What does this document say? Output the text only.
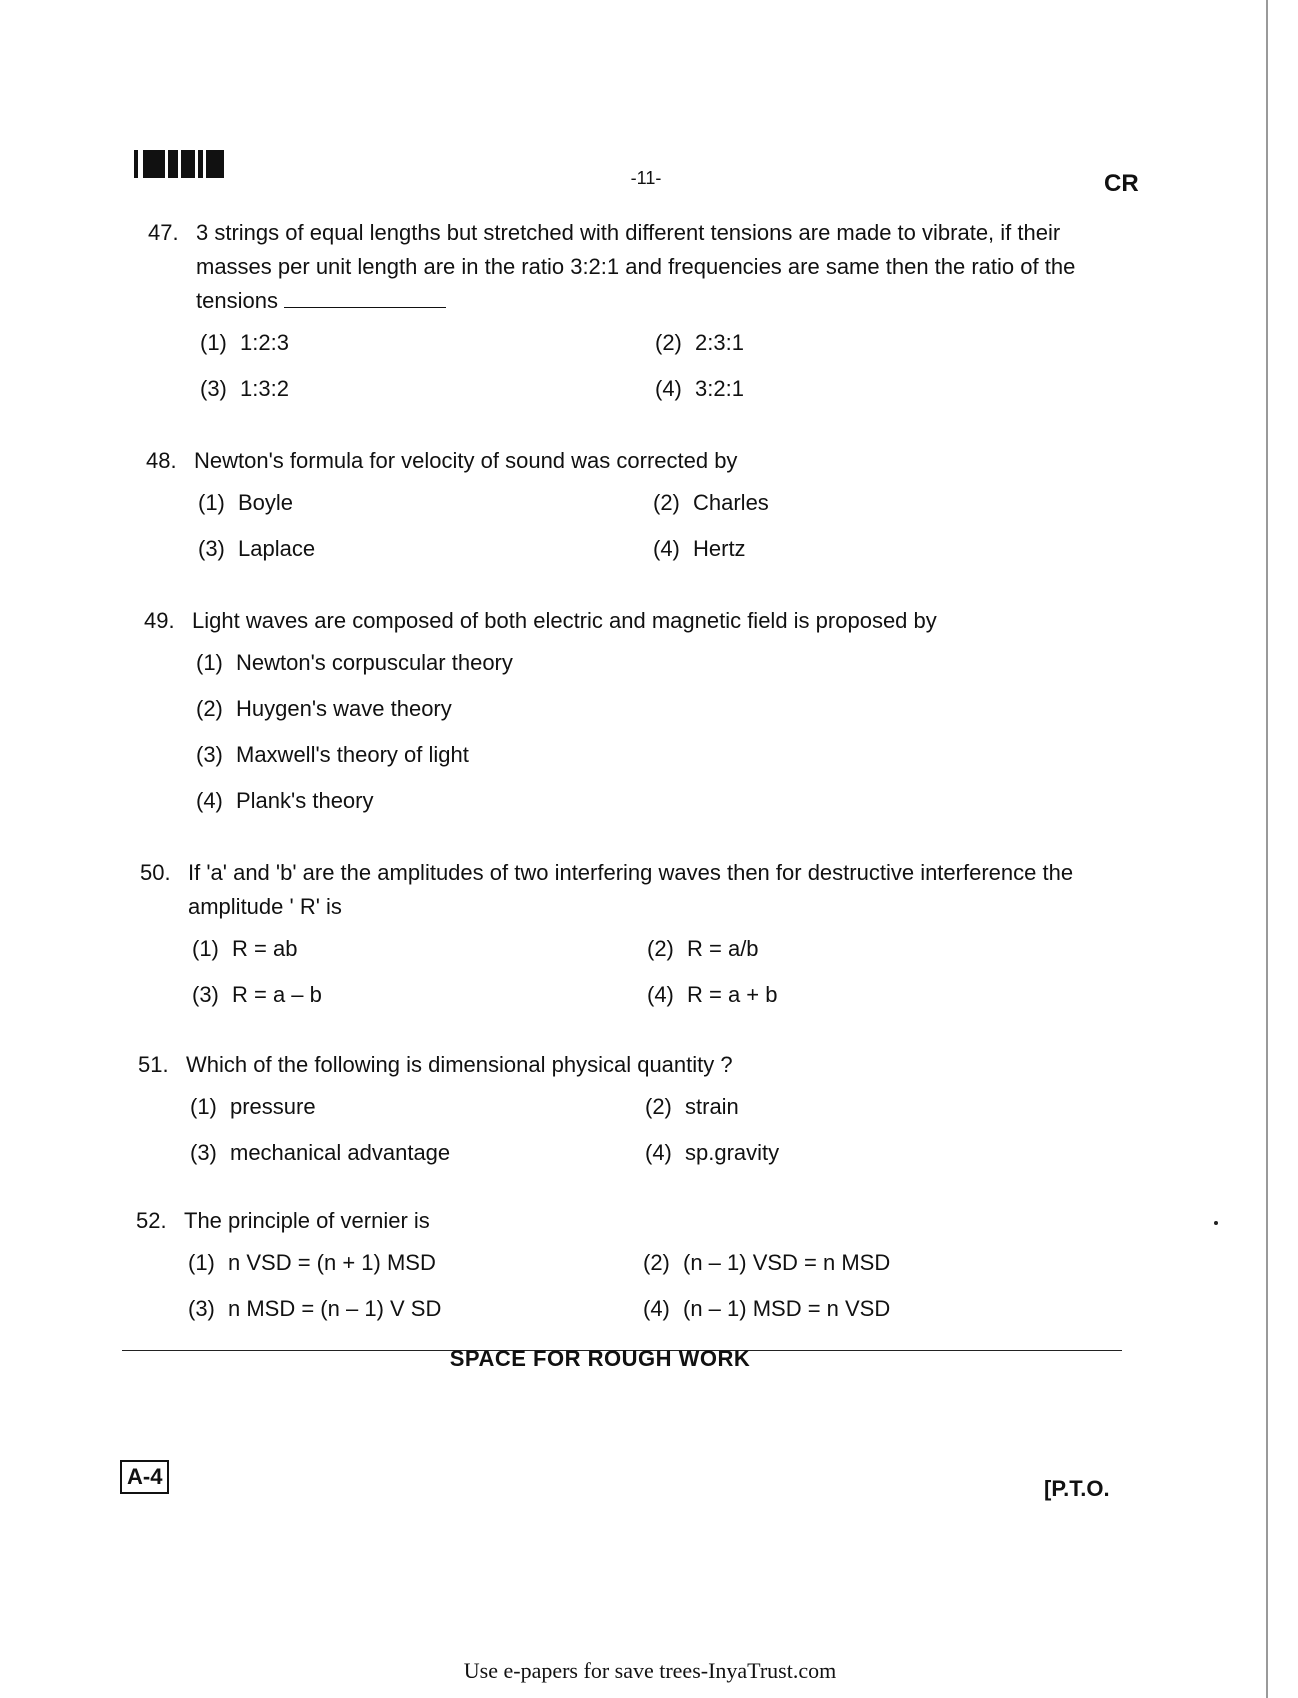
-11-	CR
47. 3 strings of equal lengths but stretched with different tensions are made to vibrate, if their masses per unit length are in the ratio 3:2:1 and frequencies are same then the ratio of the tensions
(1) 1:2:3	(2) 2:3:1
(3) 1:3:2	(4) 3:2:1
48. Newton's formula for velocity of sound was corrected by
(1) Boyle	(2) Charles
(3) Laplace	(4) Hertz
49. Light waves are composed of both electric and magnetic field is proposed by
(1) Newton's corpuscular theory
(2) Huygen's wave theory
(3) Maxwell's theory of light
(4) Plank's theory
50. If 'a' and 'b' are the amplitudes of two interfering waves then for destructive interference the amplitude ' R' is
(1) R = ab	(2) R = a/b
(3) R = a – b	(4) R = a + b
51. Which of the following is dimensional physical quantity ?
(1) pressure	(2) strain
(3) mechanical advantage	(4) sp.gravity
52. The principle of vernier is
(1) n VSD = (n + 1) MSD	(2) (n – 1) VSD = n MSD
(3) n MSD = (n – 1) V SD	(4) (n – 1) MSD = n VSD
SPACE FOR ROUGH WORK
A-4	[P.T.O.
Use e-papers for save trees-InyaTrust.com
